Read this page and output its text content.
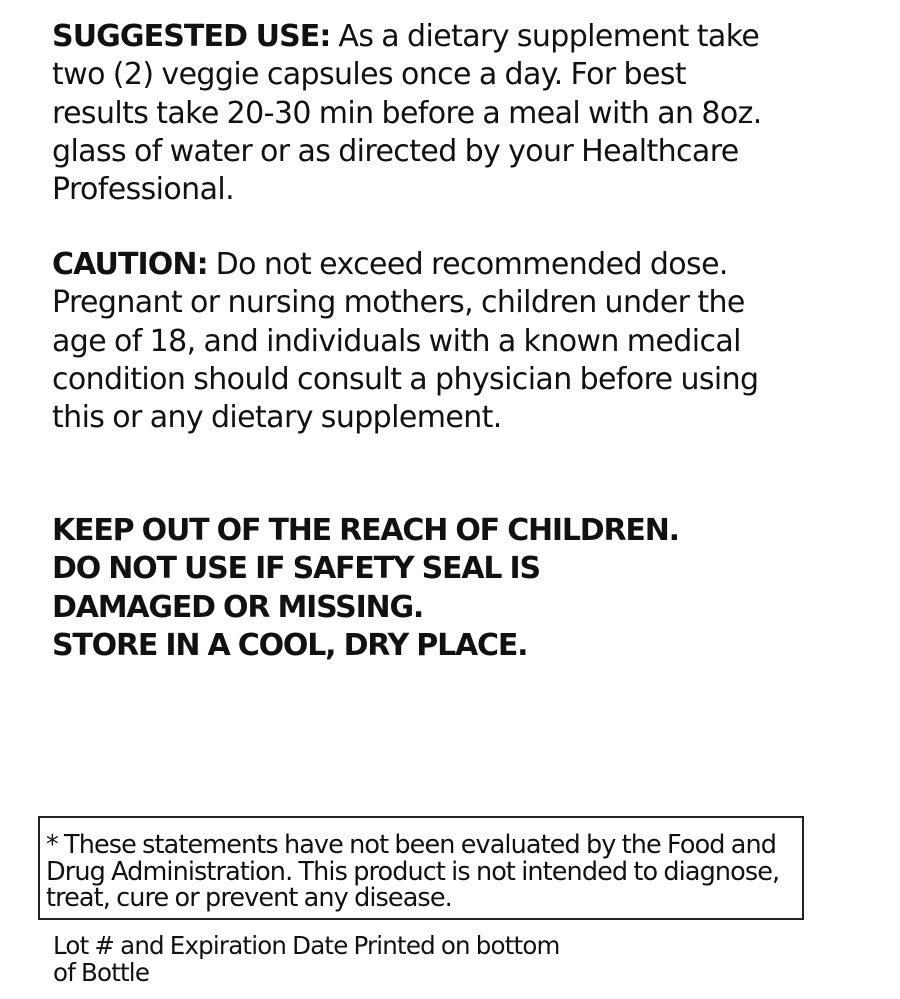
SUGGESTED USE: As a dietary supplement take two (2) veggie capsules once a day. For best results take 20-30 min before a meal with an 8oz. glass of water or as directed by your Healthcare Professional.

CAUTION: Do not exceed recommended dose. Pregnant or nursing mothers, children under the age of 18, and individuals with a known medical condition should consult a physician before using this or any dietary supplement.

KEEP OUT OF THE REACH OF CHILDREN.
DO NOT USE IF SAFETY SEAL IS
DAMAGED OR MISSING.
STORE IN A COOL, DRY PLACE.
* These statements have not been evaluated by the Food and Drug Administration. This product is not intended to diagnose, treat, cure or prevent any disease.
Lot # and Expiration Date Printed on bottom of Bottle
